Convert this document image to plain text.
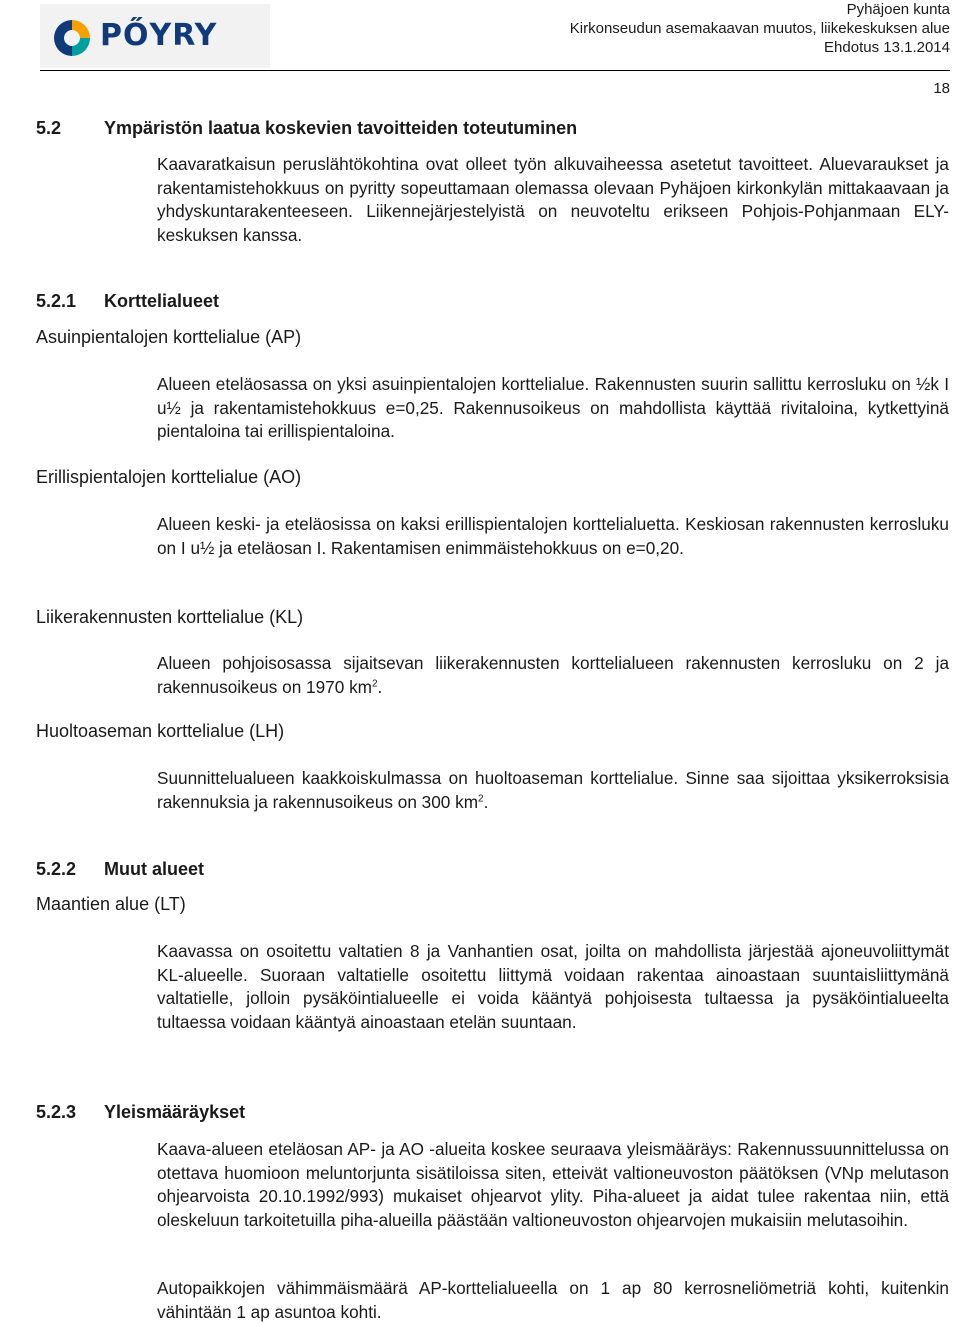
PŐYRY
Pyhäjoen kunta
Kirkonseudun asemakaavan muutos, liikekeskuksen alue
Ehdotus 13.1.2014
18
5.2 Ympäristön laatua koskevien tavoitteiden toteutuminen

Kaavaratkaisun peruslähtökohtina ovat olleet työn alkuvaiheessa asetetut tavoitteet. Aluevaraukset ja rakentamistehokkuus on pyritty sopeuttamaan olemassa olevaan Pyhäjoen kirkonkylän mittakaavaan ja yhdyskuntarakenteeseen. Liikennejärjestelyistä on neuvoteltu erikseen Pohjois-Pohjanmaan ELY-keskuksen kanssa.

5.2.1 Korttelialueet
Asuinpientalojen korttelialue (AP)

Alueen eteläosassa on yksi asuinpientalojen korttelialue. Rakennusten suurin sallittu kerrosluku on ½k I u½ ja rakentamistehokkuus e=0,25. Rakennusoikeus on mahdollista käyttää rivitaloina, kytkettyinä pientaloina tai erillispientaloina.

Erillispientalojen korttelialue (AO)

Alueen keski- ja eteläosissa on kaksi erillispientalojen korttelialuetta. Keskiosan rakennusten kerrosluku on I u½ ja eteläosan I. Rakentamisen enimmäistehokkuus on e=0,20.

Liikerakennusten korttelialue (KL)

Alueen pohjoisosassa sijaitsevan liikerakennusten korttelialueen rakennusten kerrosluku on 2 ja rakennusoikeus on 1970 $km^2$.

Huoltoaseman korttelialue (LH)

Suunnittelualueen kaakkoiskulmassa on huoltoaseman korttelialue. Sinne saa sijoittaa yksikerroksisia rakennuksia ja rakennusoikeus on 300 $km^2$.

5.2.2 Muut alueet
Maantien alue (LT)

Kaavassa on osoitettu valtatien 8 ja Vanhantien osat, joilta on mahdollista järjestää ajoneuvoliittymät KL-alueelle. Suoraan valtatielle osoitettu liittymä voidaan rakentaa ainoastaan suuntaisliittymänä valtatielle, jolloin pysäköintialueelle ei voida kääntyä pohjoisesta tultaessa ja pysäköintialueelta tultaessa voidaan kääntyä ainoastaan etelän suuntaan.

5.2.3 Yleismääräykset

Kaava-alueen eteläosan AP- ja AO -alueita koskee seuraava yleismääräys: Rakennussuunnittelussa on otettava huomioon meluntorjunta sisätiloissa siten, etteivät valtioneuvoston päätöksen (VNp melutason ohjearvoista 20.10.1992/993) mukaiset ohjearvot ylity. Piha-alueet ja aidat tulee rakentaa niin, että oleskeluun tarkoitetuilla piha-alueilla päästään valtioneuvoston ohjearvojen mukaisiin melutasoihin.

Autopaikkojen vähimmäismäärä AP-korttelialueella on 1 ap 80 kerrosneliömetriä kohti, kuitenkin vähintään 1 ap asuntoa kohti.
